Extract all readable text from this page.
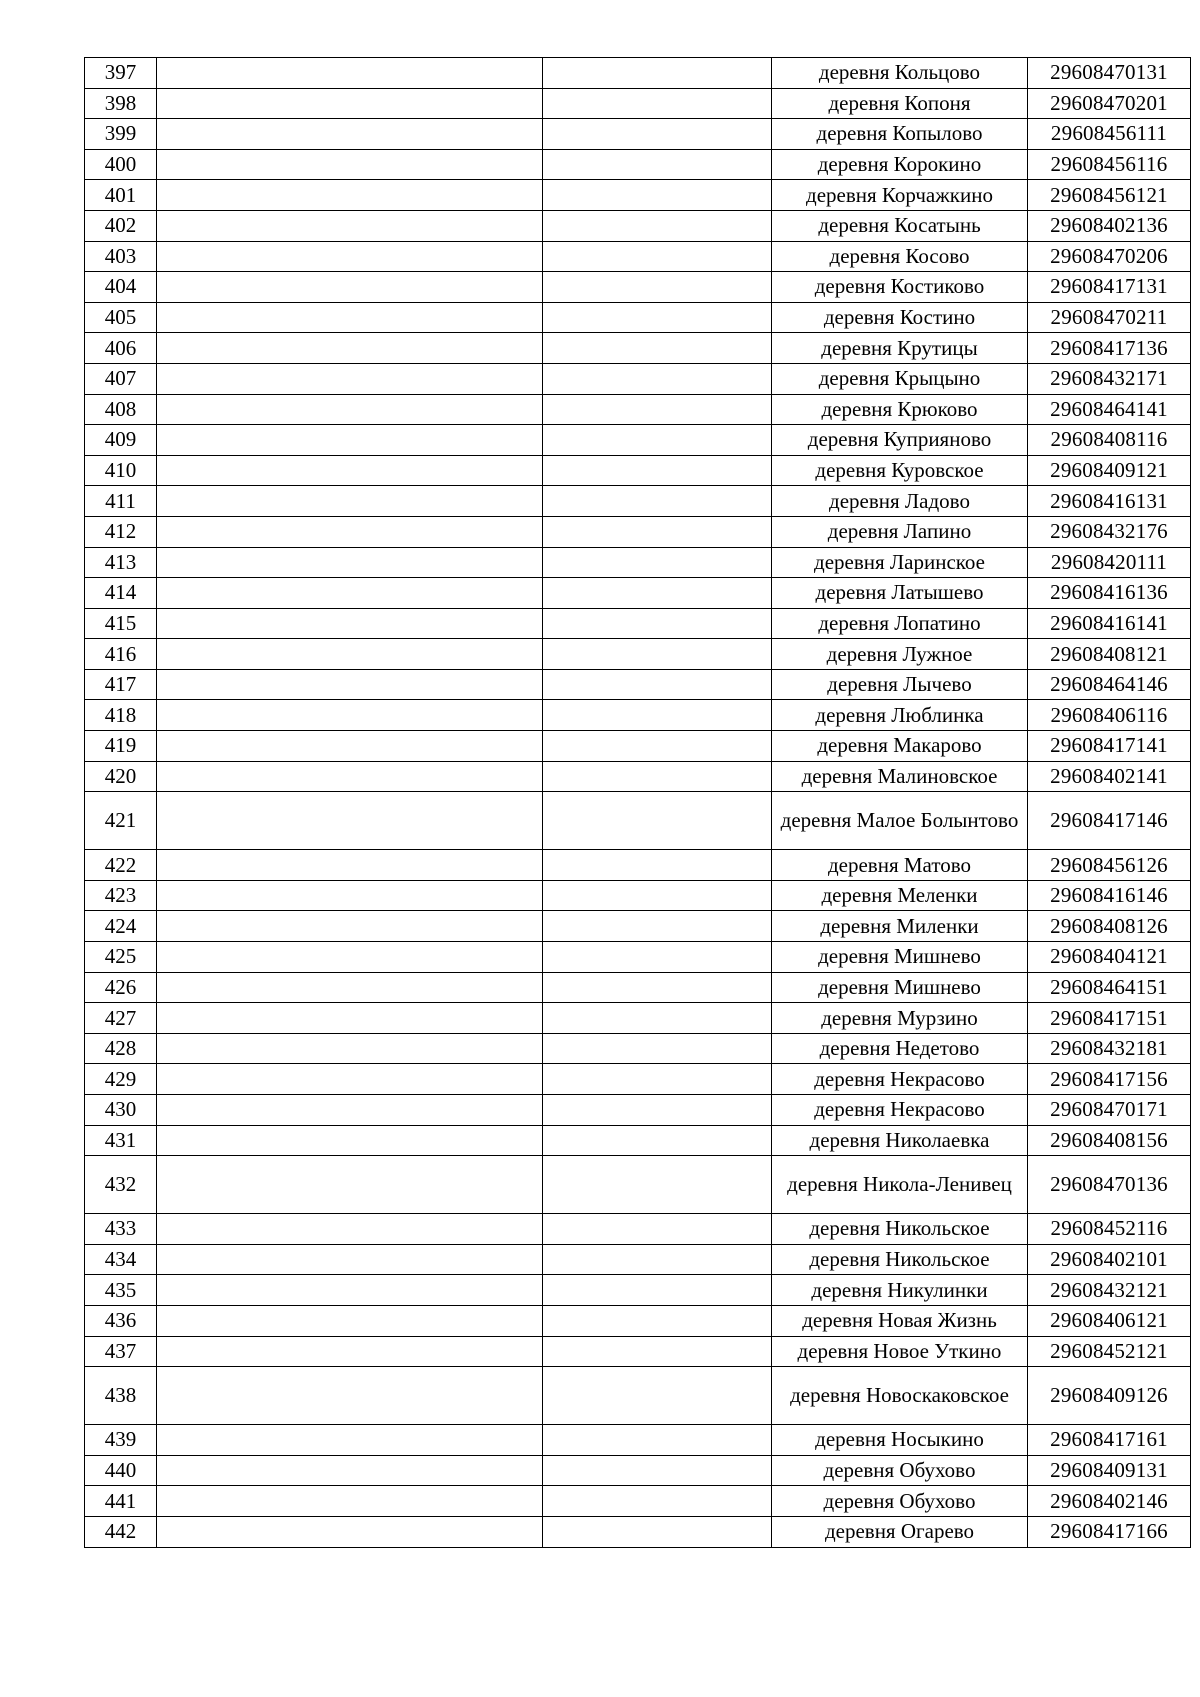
397			деревня Кольцово	29608470131
398			деревня Копоня	29608470201
399			деревня Копылово	29608456111
400			деревня Корокино	29608456116
401			деревня Корчажкино	29608456121
402			деревня Косатынь	29608402136
403			деревня Косово	29608470206
404			деревня Костиково	29608417131
405			деревня Костино	29608470211
406			деревня Крутицы	29608417136
407			деревня Крыцыно	29608432171
408			деревня Крюково	29608464141
409			деревня Куприяново	29608408116
410			деревня Куровское	29608409121
411			деревня Ладово	29608416131
412			деревня Лапино	29608432176
413			деревня Ларинское	29608420111
414			деревня Латышево	29608416136
415			деревня Лопатино	29608416141
416			деревня Лужное	29608408121
417			деревня Лычево	29608464146
418			деревня Люблинка	29608406116
419			деревня Макарово	29608417141
420			деревня Малиновское	29608402141
421			деревня Малое Болынтово	29608417146
422			деревня Матово	29608456126
423			деревня Меленки	29608416146
424			деревня Миленки	29608408126
425			деревня Мишнево	29608404121
426			деревня Мишнево	29608464151
427			деревня Мурзино	29608417151
428			деревня Недетово	29608432181
429			деревня Некрасово	29608417156
430			деревня Некрасово	29608470171
431			деревня Николаевка	29608408156
432			деревня Никола-Ленивец	29608470136
433			деревня Никольское	29608452116
434			деревня Никольское	29608402101
435			деревня Никулинки	29608432121
436			деревня Новая Жизнь	29608406121
437			деревня Новое Уткино	29608452121
438			деревня Новоскаковское	29608409126
439			деревня Носыкино	29608417161
440			деревня Обухово	29608409131
441			деревня Обухово	29608402146
442			деревня Огарево	29608417166
